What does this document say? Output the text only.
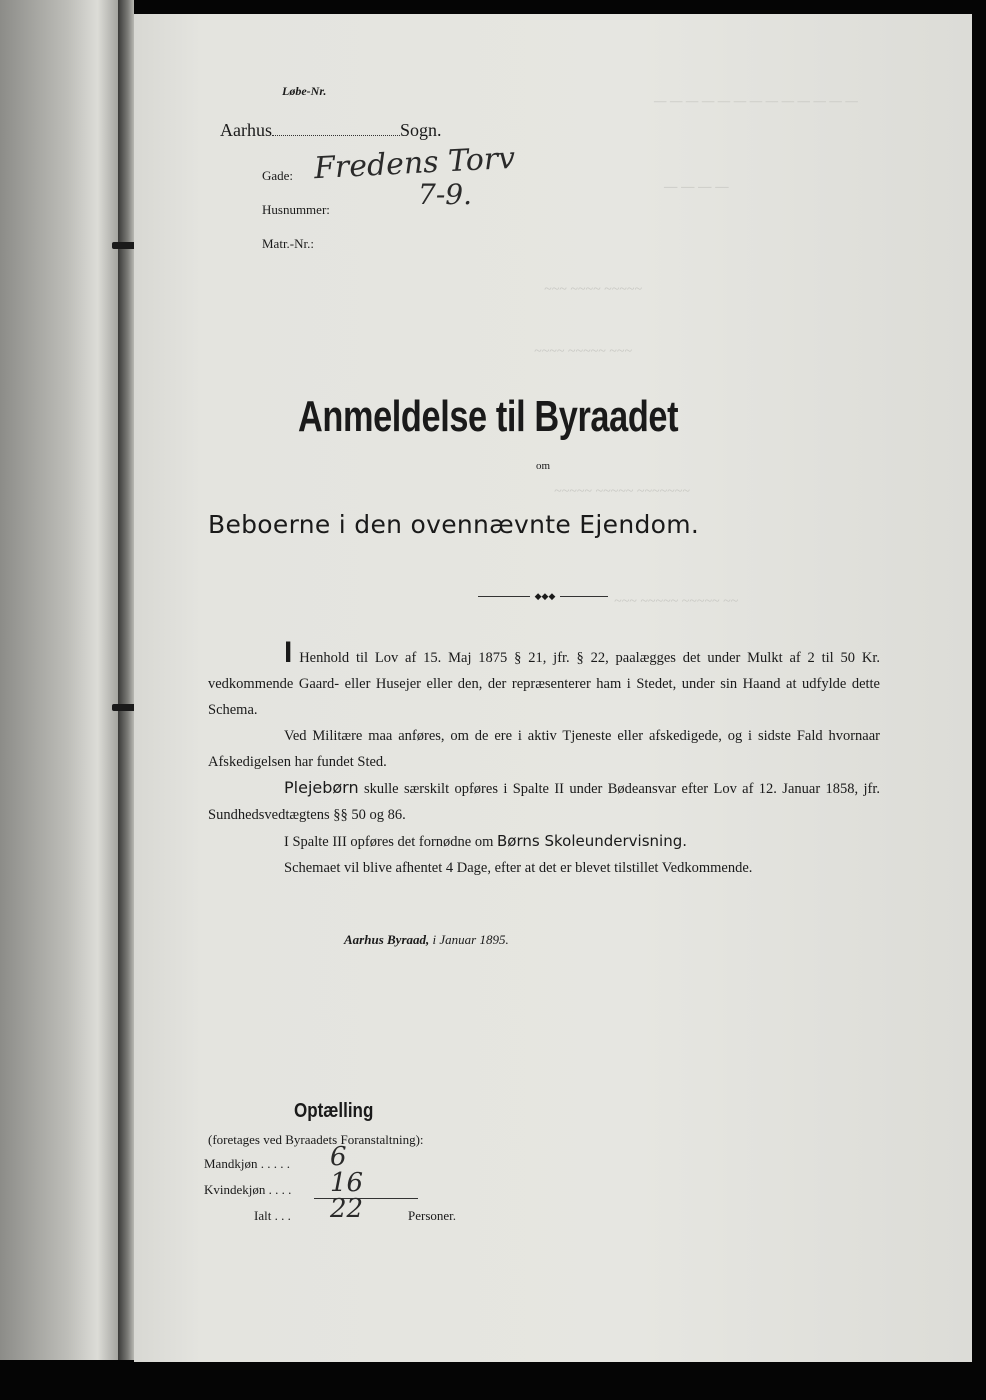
— — — — — — — — — — — — —
— — — —
~~~ ~~~~ ~~~~~
~~~~ ~~~~~ ~~~
~~~~~ ~~~~~ ~~~~~~~
~~~ ~~~~~ ~~~~~ ~~
Løbe-Nr.
Aarhus	Sogn.
Gade: Fredens Torv
Husnummer:	7-9.
Matr.-Nr.:
Anmeldelse til Byraadet
om
Beboerne i den ovennævnte Ejendom.
◆◆◆

I Henhold til Lov af 15. Maj 1875 § 21, jfr. § 22, paalægges det under Mulkt af 2 til 50 Kr. vedkommende Gaard- eller Husejer eller den, der repræsenterer ham i Stedet, under sin Haand at udfylde dette Schema.

Ved Militære maa anføres, om de ere i aktiv Tjeneste eller afskedigede, og i sidste Fald hvornaar Afskedigelsen har fundet Sted.

Plejebørn skulle særskilt opføres i Spalte II under Bødeansvar efter Lov af 12. Januar 1858, jfr. Sundhedsvedtægtens §§ 50 og 86.

I Spalte III opføres det fornødne om Børns Skoleundervisning.

Schemaet vil blive afhentet 4 Dage, efter at det er blevet tilstillet Vedkommende.

Aarhus Byraad, i Januar 1895.
Optælling
(foretages ved Byraadets Foranstaltning):
Mandkjøn . . . . . 6
Kvindekjøn . . . . 16
Ialt . . . 22	Personer.
